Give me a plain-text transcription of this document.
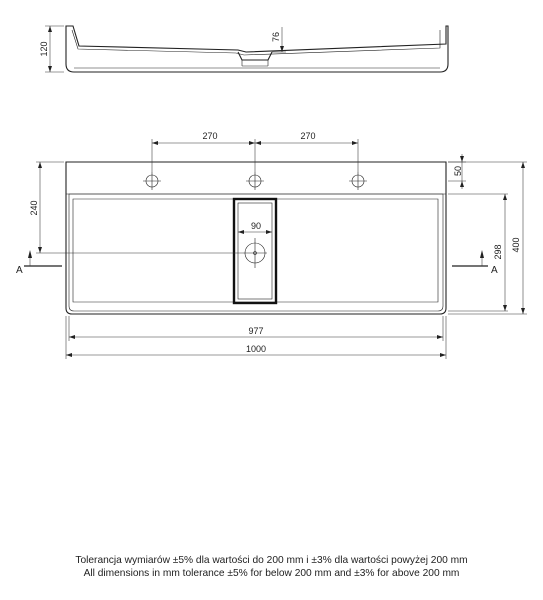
120
76
270	270
50
240
90
298 400
A	A
977
1000
Tolerancja wymiarów ±5% dla wartości do 200 mm i ±3% dla wartości powyżej 200 mm
All dimensions in mm tolerance ±5% for below 200 mm and ±3% for above 200 mm
